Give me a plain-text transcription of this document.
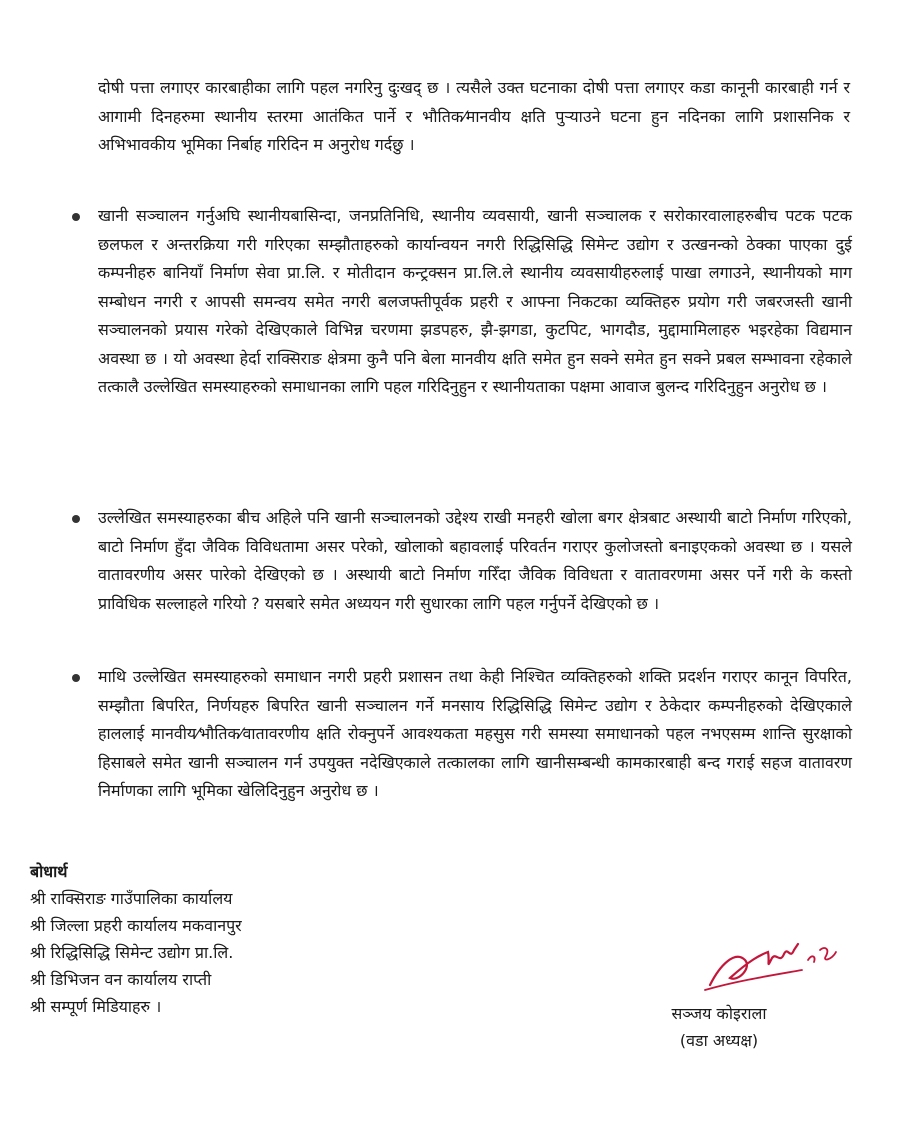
दोषी पत्ता लगाएर कारबाहीका लागि पहल नगरिनु दुःखद् छ । त्यसैले उक्त घटनाका दोषी पत्ता लगाएर कडा कानूनी कारबाही गर्न र आगामी दिनहरुमा स्थानीय स्तरमा आतंकित पार्ने र भौतिक⁄मानवीय क्षति पुऱ्याउने घटना हुन नदिनका लागि प्रशासनिक र अभिभावकीय भूमिका निर्बाह गरिदिन म अनुरोध गर्दछु ।

खानी सञ्चालन गर्नुअघि स्थानीयबासिन्दा, जनप्रतिनिधि, स्थानीय व्यवसायी, खानी सञ्चालक र सरोकारवालाहरुबीच पटक पटक छलफल र अन्तरक्रिया गरी गरिएका सम्झौताहरुको कार्यान्वयन नगरी रिद्धिसिद्धि सिमेन्ट उद्योग र उत्खनन्को ठेक्का पाएका दुई कम्पनीहरु बानियाँ निर्माण सेवा प्रा.लि. र मोतीदान कन्ट्रक्सन प्रा.लि.ले स्थानीय व्यवसायीहरुलाई पाखा लगाउने, स्थानीयको माग सम्बोधन नगरी र आपसी समन्वय समेत नगरी बलजफ्तीपूर्वक प्रहरी र आफ्ना निकटका व्यक्तिहरु प्रयोग गरी जबरजस्ती खानी सञ्चालनको प्रयास गरेको देखिएकाले विभिन्न चरणमा झडपहरु, झै-झगडा, कुटपिट, भागदौड, मुद्दामामिलाहरु भइरहेका विद्यमान अवस्था छ । यो अवस्था हेर्दा राक्सिराङ क्षेत्रमा कुनै पनि बेला मानवीय क्षति समेत हुन सक्ने समेत हुन सक्ने प्रबल सम्भावना रहेकाले तत्कालै उल्लेखित समस्याहरुको समाधानका लागि पहल गरिदिनुहुन र स्थानीयताका पक्षमा आवाज बुलन्द गरिदिनुहुन अनुरोध छ ।

उल्लेखित समस्याहरुका बीच अहिले पनि खानी सञ्चालनको उद्देश्य राखी मनहरी खोला बगर क्षेत्रबाट अस्थायी बाटो निर्माण गरिएको, बाटो निर्माण हुँदा जैविक विविधतामा असर परेको, खोलाको बहावलाई परिवर्तन गराएर कुलोजस्तो बनाइएकको अवस्था छ । यसले वातावरणीय असर पारेको देखिएको छ । अस्थायी बाटो निर्माण गरिँदा जैविक विविधता र वातावरणमा असर पर्ने गरी के कस्तो प्राविधिक सल्लाहले गरियो ? यसबारे समेत अध्ययन गरी सुधारका लागि पहल गर्नुपर्ने देखिएको छ ।

माथि उल्लेखित समस्याहरुको समाधान नगरी प्रहरी प्रशासन तथा केही निश्चित व्यक्तिहरुको शक्ति प्रदर्शन गराएर कानून विपरित, सम्झौता बिपरित, निर्णयहरु बिपरित खानी सञ्चालन गर्ने मनसाय रिद्धिसिद्धि सिमेन्ट उद्योग र ठेकेदार कम्पनीहरुको देखिएकाले हाललाई मानवीय⁄भौतिक⁄वातावरणीय क्षति रोक्नुपर्ने आवश्यकता महसुस गरी समस्या समाधानको पहल नभएसम्म शान्ति सुरक्षाको हिसाबले समेत खानी सञ्चालन गर्न उपयुक्त नदेखिएकाले तत्कालका लागि खानीसम्बन्धी कामकारबाही बन्द गराई सहज वातावरण निर्माणका लागि भूमिका खेलिदिनुहुन अनुरोध छ ।

बोधार्थ
श्री राक्सिराङ गाउँपालिका कार्यालय
श्री जिल्ला प्रहरी कार्यालय मकवानपुर
श्री रिद्धिसिद्धि सिमेन्ट उद्योग प्रा.लि.
श्री डिभिजन वन कार्यालय राप्ती
श्री सम्पूर्ण मिडियाहरु ।	सञ्जय कोइराला
(वडा अध्यक्ष)
